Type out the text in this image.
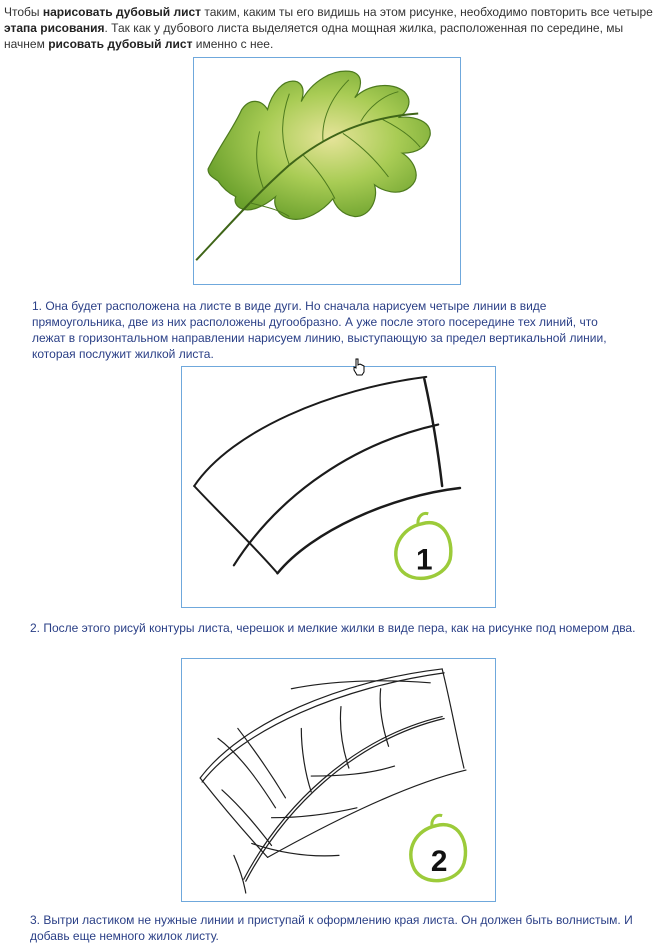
Чтобы нарисовать дубовый лист таким, каким ты его видишь на этом рисунке, необходимо повторить все четыре этапа рисования. Так как у дубового листа выделяется одна мощная жилка, расположенная по середине, мы начнем рисовать дубовый лист именно с нее.

1. Она будет расположена на листе в виде дуги. Но сначала нарисуем четыре линии в виде прямоугольника, две из них расположены дугообразно. А уже после этого посередине тех линий, что лежат в горизонтальном направлении нарисуем линию, выступающую за предел вертикальной линии, которая послужит жилкой листа.

1

2. После этого рисуй контуры листа, черешок и мелкие жилки в виде пера, как на рисунке под номером два.

2

3. Вытри ластиком не нужные линии и приступай к оформлению края листа. Он должен быть волнистым. И добавь еще немного жилок листу.
